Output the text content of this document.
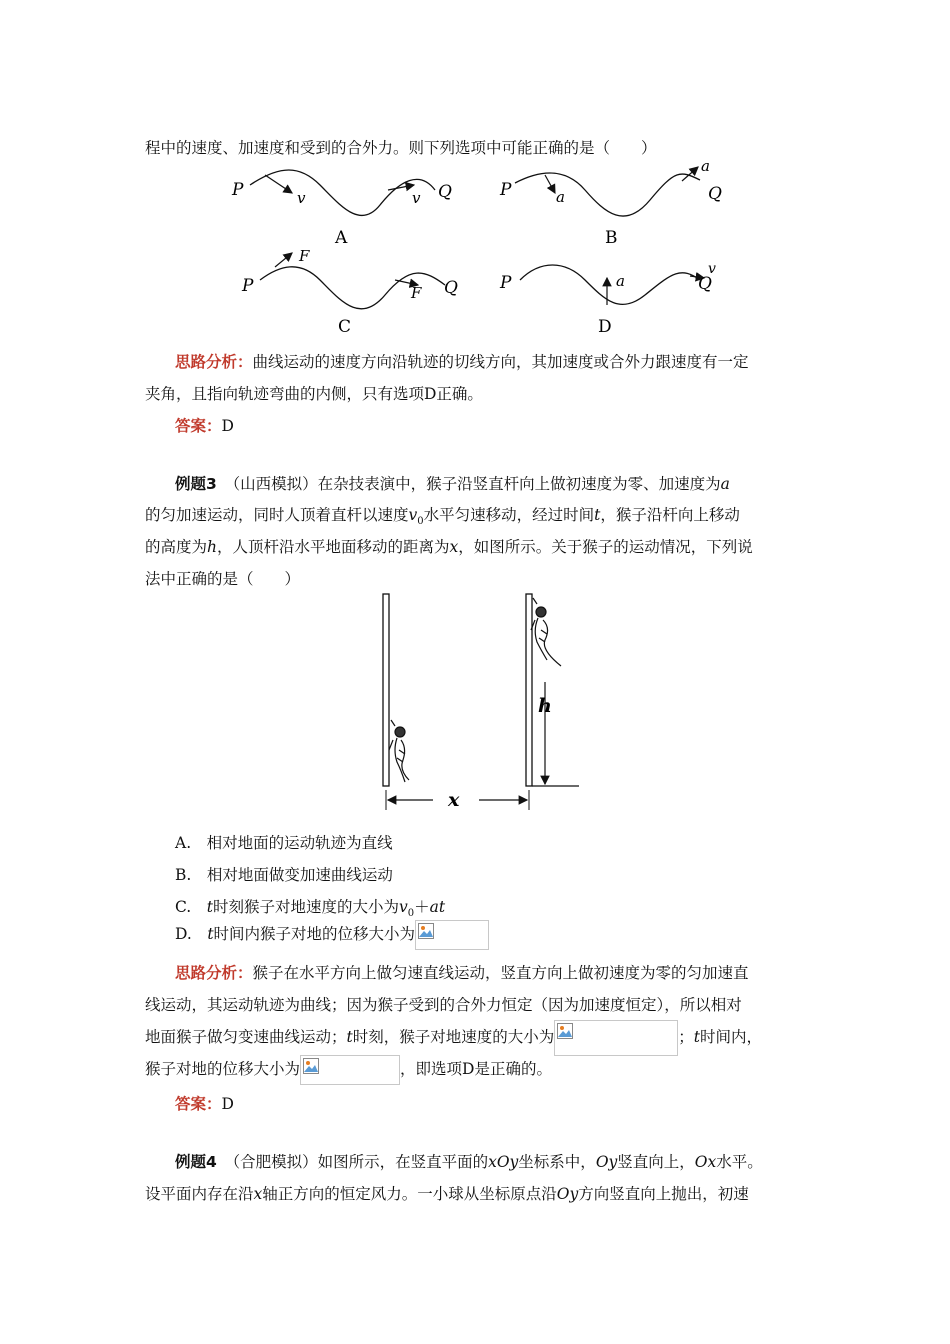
程中的速度、加速度和受到的合外力。则下列选项中可能正确的是（　　）
P	v	v Q
A
P	a
a
Q
B
P
F
F Q
C
P	a
v
Q
D
思路分析：曲线运动的速度方向沿轨迹的切线方向，其加速度或合外力跟速度有一定
夹角，且指向轨迹弯曲的内侧，只有选项D正确。
答案：D
例题3　 （山西模拟）在杂技表演中，猴子沿竖直杆向上做初速度为零、加速度为a
的匀加速运动，同时人顶着直杆以速度$v_0$水平匀速移动，经过时间t，猴子沿杆向上移动
的高度为h，人顶杆沿水平地面移动的距离为x，如图所示。关于猴子的运动情况，下列说
法中正确的是（　　）
h
x
A.　相对地面的运动轨迹为直线
B.　相对地面做变加速曲线运动
C.　t时刻猴子对地速度的大小为$v_0+at$
D.　t时间内猴子对地的位移大小为
思路分析：猴子在水平方向上做匀速直线运动，竖直方向上做初速度为零的匀加速直
线运动，其运动轨迹为曲线；因为猴子受到的合外力恒定（因为加速度恒定），所以相对
地面猴子做匀变速曲线运动；t时刻，猴子对地速度的大小为	；t时间内，
猴子对地的位移大小为	，即选项D是正确的。
答案：D
例题4　 （合肥模拟）如图所示，在竖直平面的xOy坐标系中，Oy竖直向上，Ox水平。
设平面内存在沿x轴正方向的恒定风力。一小球从坐标原点沿Oy方向竖直向上抛出，初速
